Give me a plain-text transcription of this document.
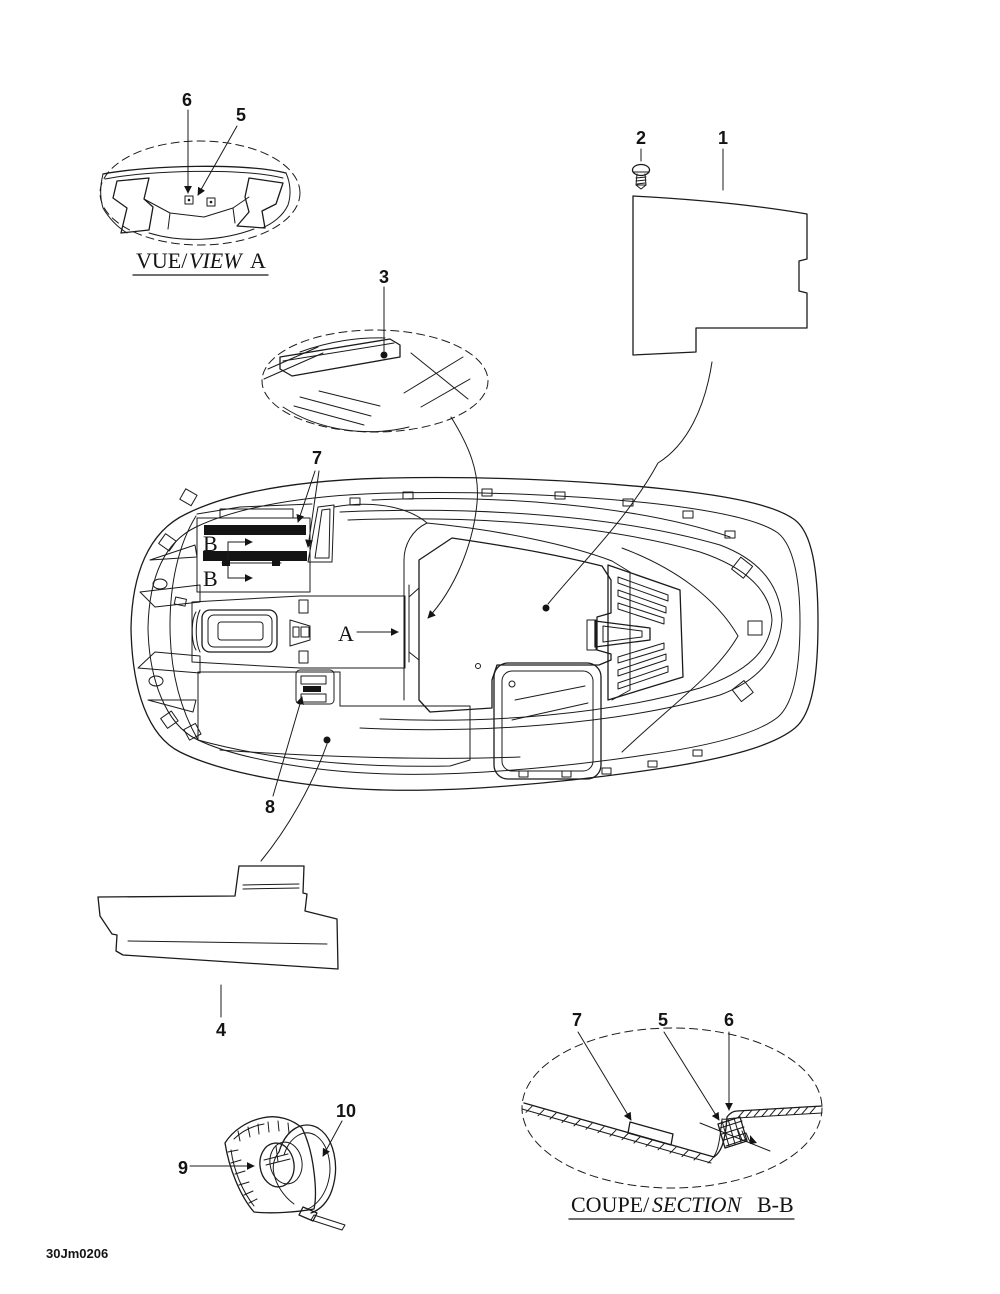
6
5
VUE/ VIEW A
2	1
3
B
B
7
A
8
4
9
10
7	5	6
COUPE/ SECTION B-B
30Jm0206
